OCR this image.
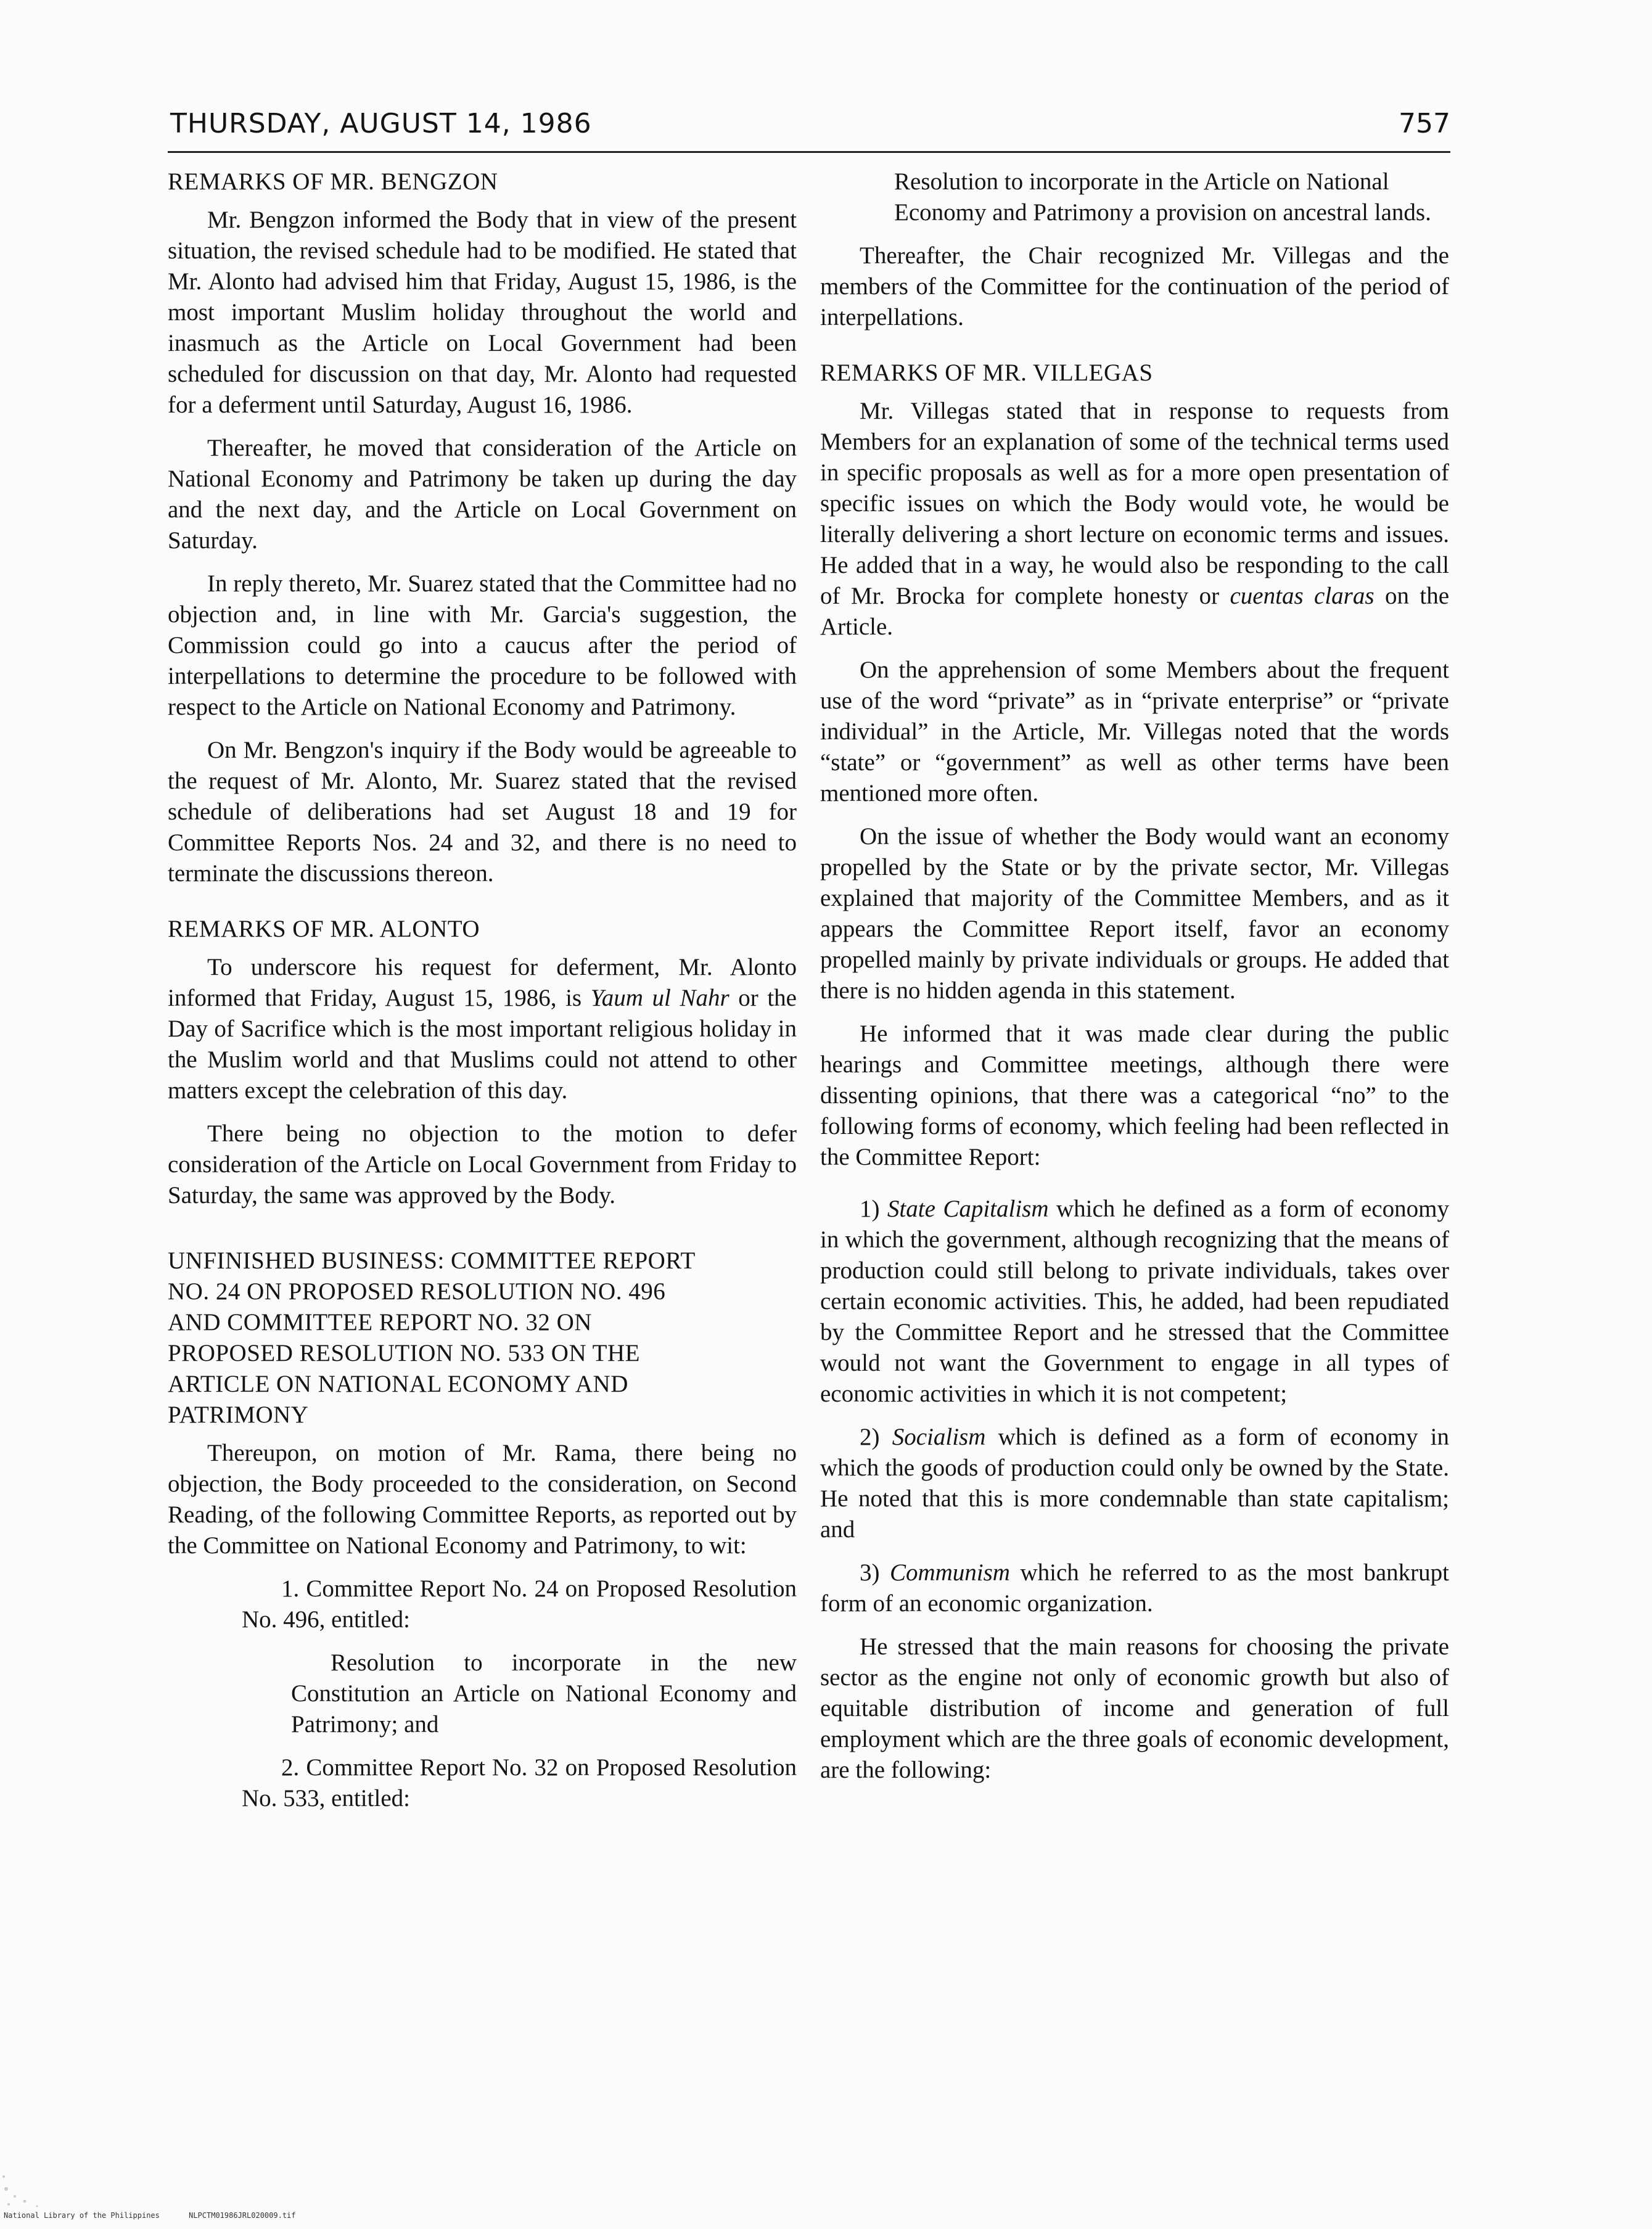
THURSDAY, AUGUST 14, 1986	757
REMARKS OF MR. BENGZON

Mr. Bengzon informed the Body that in view of the present situation, the revised schedule had to be modified. He stated that Mr. Alonto had advised him that Friday, August 15, 1986, is the most important Muslim holiday throughout the world and inasmuch as the Article on Local Government had been scheduled for discussion on that day, Mr. Alonto had requested for a deferment until Saturday, August 16, 1986.

Thereafter, he moved that consideration of the Article on National Economy and Patrimony be taken up during the day and the next day, and the Article on Local Government on Saturday.

In reply thereto, Mr. Suarez stated that the Committee had no objection and, in line with Mr. Garcia's suggestion, the Commission could go into a caucus after the period of interpellations to determine the procedure to be followed with respect to the Article on National Economy and Patrimony.

On Mr. Bengzon's inquiry if the Body would be agreeable to the request of Mr. Alonto, Mr. Suarez stated that the revised schedule of deliberations had set August 18 and 19 for Committee Reports Nos. 24 and 32, and there is no need to terminate the discussions thereon.

REMARKS OF MR. ALONTO

To underscore his request for deferment, Mr. Alonto informed that Friday, August 15, 1986, is Yaum ul Nahr or the Day of Sacrifice which is the most important religious holiday in the Muslim world and that Muslims could not attend to other matters except the celebration of this day.

There being no objection to the motion to defer consideration of the Article on Local Government from Friday to Saturday, the same was approved by the Body.

UNFINISHED BUSINESS: COMMITTEE REPORT
NO. 24 ON PROPOSED RESOLUTION NO. 496
AND COMMITTEE REPORT NO. 32 ON
PROPOSED RESOLUTION NO. 533 ON THE
ARTICLE ON NATIONAL ECONOMY AND
PATRIMONY

Thereupon, on motion of Mr. Rama, there being no objection, the Body proceeded to the consideration, on Second Reading, of the following Committee Reports, as reported out by the Committee on National Economy and Patrimony, to wit:

1. Committee Report No. 24 on Proposed Resolution No. 496, entitled:

Resolution to incorporate in the new Constitution an Article on National Economy and Patrimony; and

2. Committee Report No. 32 on Proposed Resolution No. 533, entitled:

Resolution to incorporate in the Article on National Economy and Patrimony a provision on ancestral lands.

Thereafter, the Chair recognized Mr. Villegas and the members of the Committee for the continuation of the period of interpellations.

REMARKS OF MR. VILLEGAS

Mr. Villegas stated that in response to requests from Members for an explanation of some of the technical terms used in specific proposals as well as for a more open presentation of specific issues on which the Body would vote, he would be literally delivering a short lecture on economic terms and issues. He added that in a way, he would also be responding to the call of Mr. Brocka for complete honesty or cuentas claras on the Article.

On the apprehension of some Members about the frequent use of the word “private” as in “private enterprise” or “private individual” in the Article, Mr. Villegas noted that the words “state” or “government” as well as other terms have been mentioned more often.

On the issue of whether the Body would want an economy propelled by the State or by the private sector, Mr. Villegas explained that majority of the Committee Members, and as it appears the Committee Report itself, favor an economy propelled mainly by private individuals or groups. He added that there is no hidden agenda in this statement.

He informed that it was made clear during the public hearings and Committee meetings, although there were dissenting opinions, that there was a categorical “no” to the following forms of economy, which feeling had been reflected in the Committee Report:

1) State Capitalism which he defined as a form of economy in which the government, although recognizing that the means of production could still belong to private individuals, takes over certain economic activities. This, he added, had been repudiated by the Committee Report and he stressed that the Committee would not want the Government to engage in all types of economic activities in which it is not competent;

2) Socialism which is defined as a form of economy in which the goods of production could only be owned by the State. He noted that this is more condemnable than state capitalism; and

3) Communism which he referred to as the most bankrupt form of an economic organization.

He stressed that the main reasons for choosing the private sector as the engine not only of economic growth but also of equitable distribution of income and generation of full employment which are the three goals of economic development, are the following:

National Library of the Philippines	NLPCTM01986JRL020009.tif
